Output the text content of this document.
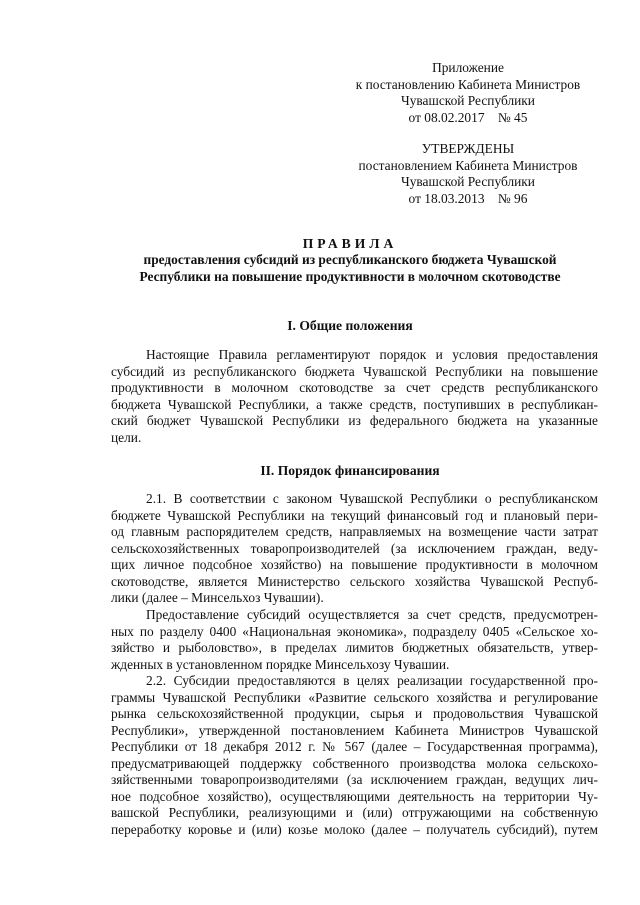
Приложение
к постановлению Кабинета Министров
Чувашской Республики
от 08.02.2017    № 45
УТВЕРЖДЕНЫ
постановлением Кабинета Министров
Чувашской Республики
от 18.03.2013    № 96
ПРАВИЛА
предоставления субсидий из республиканского бюджета Чувашской
Республики на повышение продуктивности в молочном скотоводстве
I. Общие положения
Настоящие Правила регламентируют порядок и условия предоставления
субсидий из республиканского бюджета Чувашской Республики на повышение
продуктивности в молочном скотоводстве за счет средств республиканского
бюджета Чувашской Республики, а также средств, поступивших в республикан-
ский бюджет Чувашской Республики из федерального бюджета на указанные
цели.
II. Порядок финансирования
2.1. В соответствии с законом Чувашской Республики о республиканском
бюджете Чувашской Республики на текущий финансовый год и плановый пери-
од главным распорядителем средств, направляемых на возмещение части затрат
сельскохозяйственных товаропроизводителей (за исключением граждан, веду-
щих личное подсобное хозяйство) на повышение продуктивности в молочном
скотоводстве, является Министерство сельского хозяйства Чувашской Респуб-
лики (далее – Минсельхоз Чувашии).
Предоставление субсидий осуществляется за счет средств, предусмотрен-
ных по разделу 0400 «Национальная экономика», подразделу 0405 «Сельское хо-
зяйство и рыболовство», в пределах лимитов бюджетных обязательств, утвер-
жденных в установленном порядке Минсельхозу Чувашии.
2.2. Субсидии предоставляются в целях реализации государственной про-
граммы Чувашской Республики «Развитие сельского хозяйства и регулирование
рынка сельскохозяйственной продукции, сырья и продовольствия Чувашской
Республики», утвержденной постановлением Кабинета Министров Чувашской
Республики от 18 декабря 2012 г. № 567 (далее – Государственная программа),
предусматривающей поддержку собственного производства молока сельскохо-
зяйственными товаропроизводителями (за исключением граждан, ведущих лич-
ное подсобное хозяйство), осуществляющими деятельность на территории Чу-
вашской Республики, реализующими и (или) отгружающими на собственную
переработку коровье и (или) козье молоко (далее – получатель субсидий), путем
